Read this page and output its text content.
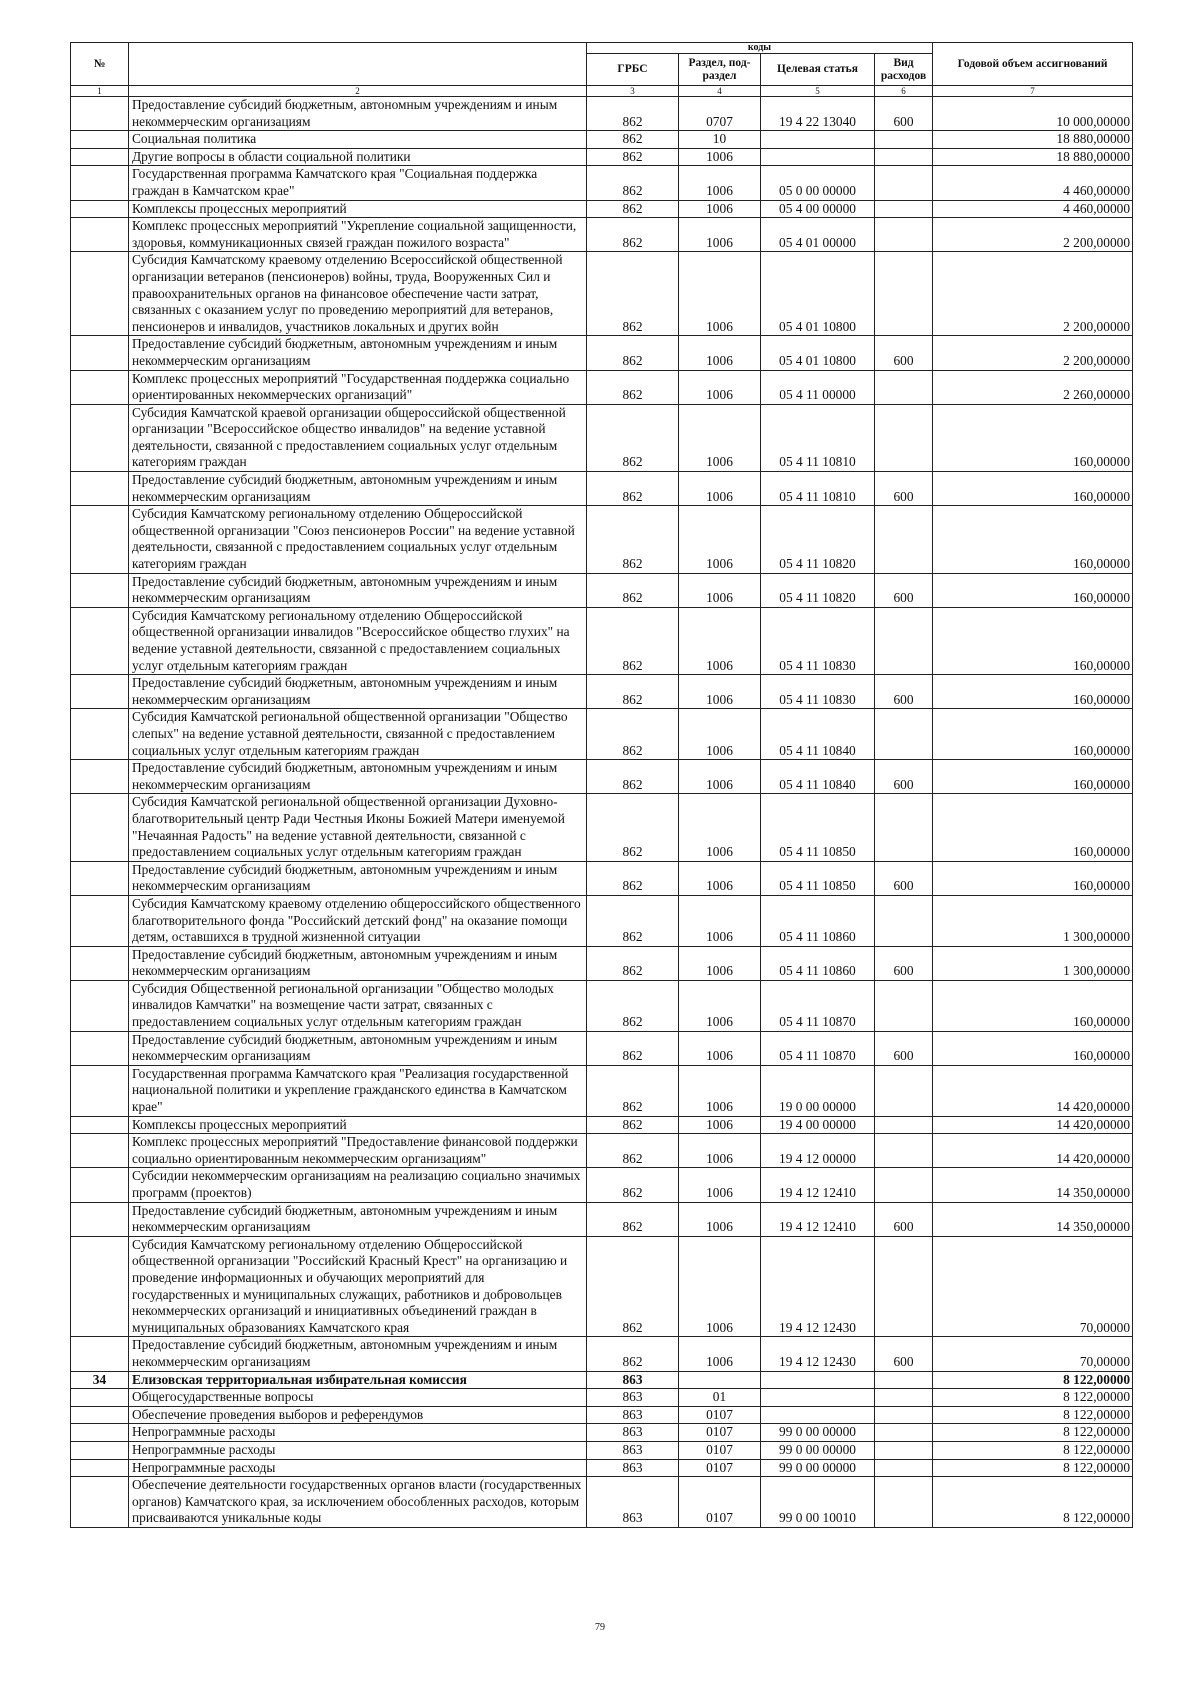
№		коды				Годовой объем ассигнований
		ГРБС	Раздел, под-раздел	Целевая статья	Вид расходов	
1	2	3	4	5	6	7
	Предоставление субсидий бюджетным, автономным учреждениям и иным некоммерческим организациям	862	0707	19 4 22 13040	600	10 000,00000
	Социальная политика	862	10			18 880,00000
	Другие вопросы в области социальной политики	862	1006			18 880,00000
	Государственная программа Камчатского края "Социальная поддержка граждан в Камчатском крае"	862	1006	05 0 00 00000		4 460,00000
	Комплексы процессных мероприятий	862	1006	05 4 00 00000		4 460,00000
	Комплекс процессных мероприятий "Укрепление социальной защищенности, здоровья, коммуникационных связей граждан пожилого возраста"	862	1006	05 4 01 00000		2 200,00000
	Субсидия Камчатскому краевому отделению Всероссийской общественной организации ветеранов (пенсионеров) войны, труда, Вооруженных Сил и правоохранительных органов на финансовое обеспечение части затрат, связанных с оказанием услуг по проведению мероприятий для ветеранов, пенсионеров и инвалидов, участников локальных и других войн	862	1006	05 4 01 10800		2 200,00000
	Предоставление субсидий бюджетным, автономным учреждениям и иным некоммерческим организациям	862	1006	05 4 01 10800	600	2 200,00000
	Комплекс процессных мероприятий "Государственная поддержка социально ориентированных некоммерческих организаций"	862	1006	05 4 11 00000		2 260,00000
	Субсидия Камчатской краевой организации общероссийской общественной организации "Всероссийское общество инвалидов" на ведение уставной деятельности, связанной с предоставлением социальных услуг отдельным категориям граждан	862	1006	05 4 11 10810		160,00000
	Предоставление субсидий бюджетным, автономным учреждениям и иным некоммерческим организациям	862	1006	05 4 11 10810	600	160,00000
	Субсидия Камчатскому региональному отделению Общероссийской общественной организации "Союз пенсионеров России" на ведение уставной деятельности, связанной с предоставлением социальных услуг отдельным категориям граждан	862	1006	05 4 11 10820		160,00000
	Предоставление субсидий бюджетным, автономным учреждениям и иным некоммерческим организациям	862	1006	05 4 11 10820	600	160,00000
	Субсидия Камчатскому региональному отделению Общероссийской общественной организации инвалидов "Всероссийское общество глухих" на ведение уставной деятельности, связанной с предоставлением социальных услуг отдельным категориям граждан	862	1006	05 4 11 10830		160,00000
	Предоставление субсидий бюджетным, автономным учреждениям и иным некоммерческим организациям	862	1006	05 4 11 10830	600	160,00000
	Субсидия Камчатской региональной общественной организации "Общество слепых" на ведение уставной деятельности, связанной с предоставлением социальных услуг отдельным категориям граждан	862	1006	05 4 11 10840		160,00000
	Предоставление субсидий бюджетным, автономным учреждениям и иным некоммерческим организациям	862	1006	05 4 11 10840	600	160,00000
	Субсидия Камчатской региональной общественной организации Духовно-благотворительный центр Ради Честныя Иконы Божией Матери именуемой "Нечаянная Радость" на ведение уставной деятельности, связанной с предоставлением социальных услуг отдельным категориям граждан	862	1006	05 4 11 10850		160,00000
	Предоставление субсидий бюджетным, автономным учреждениям и иным некоммерческим организациям	862	1006	05 4 11 10850	600	160,00000
	Субсидия Камчатскому краевому отделению общероссийского общественного благотворительного фонда "Российский детский фонд" на оказание помощи детям, оставшихся в трудной жизненной ситуации	862	1006	05 4 11 10860		1 300,00000
	Предоставление субсидий бюджетным, автономным учреждениям и иным некоммерческим организациям	862	1006	05 4 11 10860	600	1 300,00000
	Субсидия Общественной региональной организации "Общество молодых инвалидов Камчатки" на возмещение части затрат, связанных с предоставлением социальных услуг отдельным категориям граждан	862	1006	05 4 11 10870		160,00000
	Предоставление субсидий бюджетным, автономным учреждениям и иным некоммерческим организациям	862	1006	05 4 11 10870	600	160,00000
	Государственная программа Камчатского края "Реализация государственной национальной политики и укрепление гражданского единства в Камчатском крае"	862	1006	19 0 00 00000		14 420,00000
	Комплексы процессных мероприятий	862	1006	19 4 00 00000		14 420,00000
	Комплекс процессных мероприятий "Предоставление финансовой поддержки социально ориентированным некоммерческим организациям"	862	1006	19 4 12 00000		14 420,00000
	Субсидии некоммерческим организациям на реализацию социально значимых программ (проектов)	862	1006	19 4 12 12410		14 350,00000
	Предоставление субсидий бюджетным, автономным учреждениям и иным некоммерческим организациям	862	1006	19 4 12 12410	600	14 350,00000
	Субсидия Камчатскому региональному отделению Общероссийской общественной организации "Российский Красный Крест" на организацию и проведение информационных и обучающих мероприятий для государственных и муниципальных служащих, работников и добровольцев некоммерческих организаций и инициативных объединений граждан в муниципальных образованиях Камчатского края	862	1006	19 4 12 12430		70,00000
	Предоставление субсидий бюджетным, автономным учреждениям и иным некоммерческим организациям	862	1006	19 4 12 12430	600	70,00000
34	Елизовская территориальная избирательная комиссия	863				8 122,00000
	Общегосударственные вопросы	863	01			8 122,00000
	Обеспечение проведения выборов и референдумов	863	0107			8 122,00000
	Непрограммные расходы	863	0107	99 0 00 00000		8 122,00000
	Непрограммные расходы	863	0107	99 0 00 00000		8 122,00000
	Непрограммные расходы	863	0107	99 0 00 00000		8 122,00000
	Обеспечение деятельности государственных органов власти (государственных органов) Камчатского края, за исключением обособленных расходов, которым присваиваются уникальные коды	863	0107	99 0 00 10010		8 122,00000
79
